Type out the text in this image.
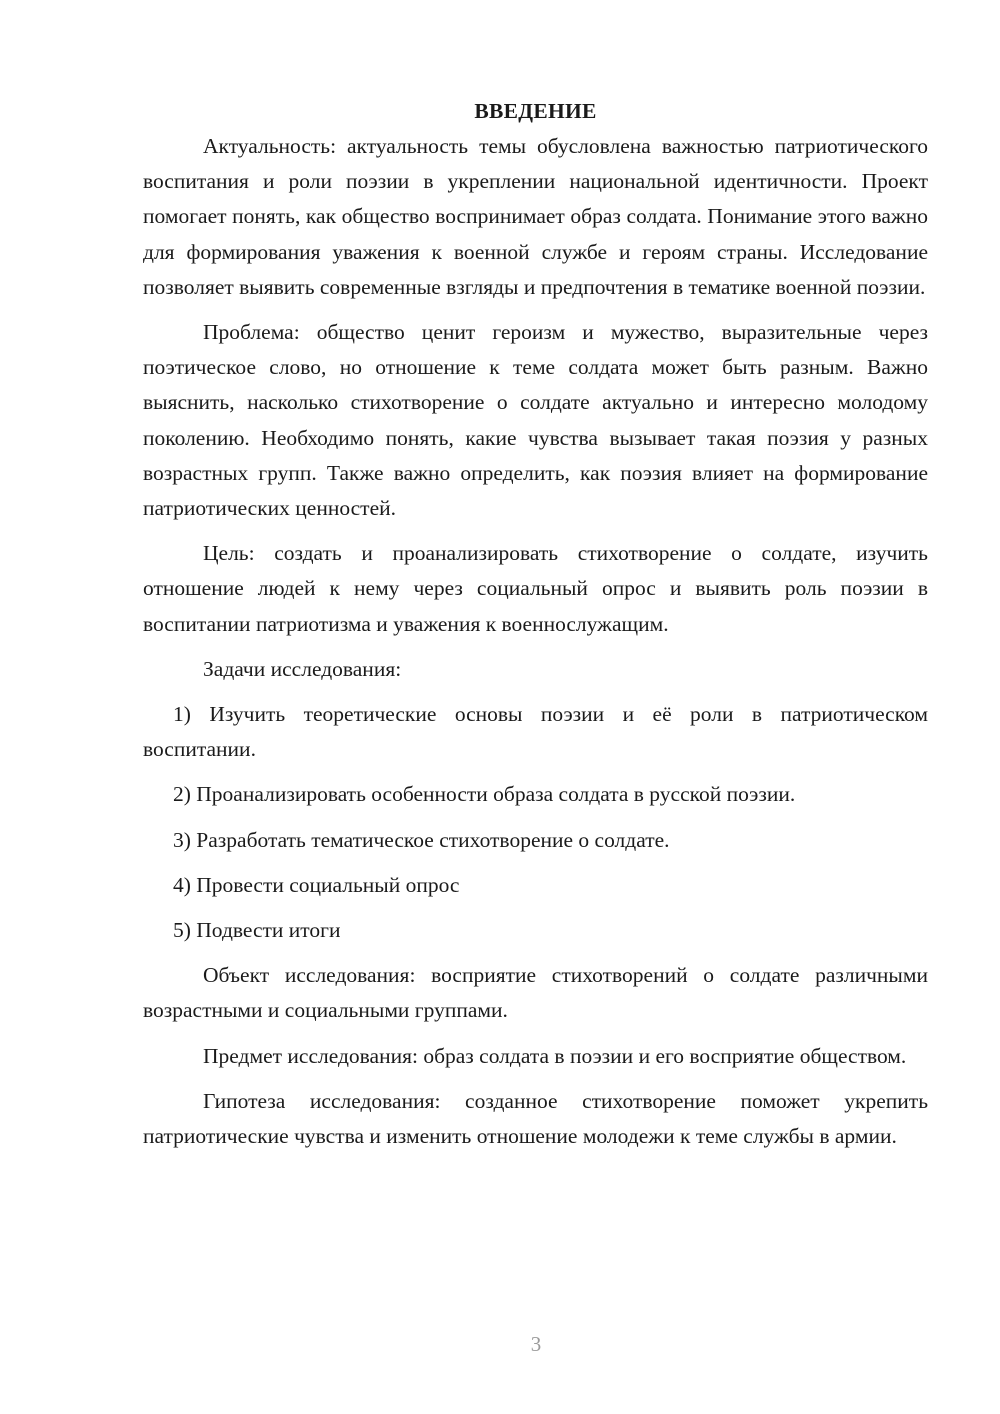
ВВЕДЕНИЕ

Актуальность: актуальность темы обусловлена важностью патриотического воспитания и роли поэзии в укреплении национальной идентичности. Проект помогает понять, как общество воспринимает образ солдата. Понимание этого важно для формирования уважения к военной службе и героям страны. Исследование позволяет выявить современные взгляды и предпочтения в тематике военной поэзии.

Проблема: общество ценит героизм и мужество, выразительные через поэтическое слово, но отношение к теме солдата может быть разным. Важно выяснить, насколько стихотворение о солдате актуально и интересно молодому поколению. Необходимо понять, какие чувства вызывает такая поэзия у разных возрастных групп. Также важно определить, как поэзия влияет на формирование патриотических ценностей.

Цель: создать и проанализировать стихотворение о солдате, изучить отношение людей к нему через социальный опрос и выявить роль поэзии в воспитании патриотизма и уважения к военнослужащим.

Задачи исследования:

1) Изучить теоретические основы поэзии и её роли в патриотическом воспитании.

2) Проанализировать особенности образа солдата в русской поэзии.

3) Разработать тематическое стихотворение о солдате.

4) Провести социальный опрос

5) Подвести итоги

Объект исследования: восприятие стихотворений о солдате различными возрастными и социальными группами.

Предмет исследования: образ солдата в поэзии и его восприятие обществом.

Гипотеза исследования: созданное стихотворение поможет укрепить патриотические чувства и изменить отношение молодежи к теме службы в армии.

3
